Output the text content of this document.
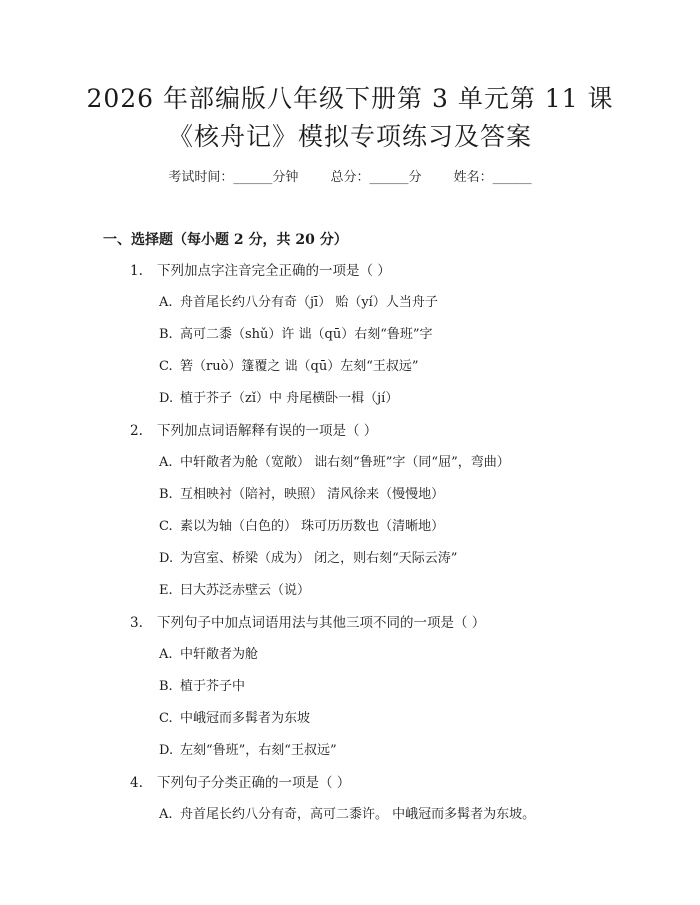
2026 年部编版八年级下册第 3 单元第 11 课
《核舟记》模拟专项练习及答案
考试时间：______分钟 总分：______分 姓名：______
一、选择题（每小题 2 分，共 20 分）
1. 下列加点字注音完全正确的一项是（ ）
A. 舟首尾长约八分有奇（jī） 贻（yí）人当舟子
B. 高可二黍（shǔ）许 诎（qū）右刻“鲁班”字
C. 箬（ruò）篷覆之 诎（qū）左刻“王叔远”
D. 植于芥子（zǐ）中 舟尾横卧一楫（jí）
2. 下列加点词语解释有误的一项是（ ）
A. 中轩敞者为舱（宽敞） 诎右刻“鲁班”字（同“屈”，弯曲）
B. 互相映衬（陪衬，映照） 清风徐来（慢慢地）
C. 素以为轴（白色的） 珠可历历数也（清晰地）
D. 为宫室、桥梁（成为） 闭之，则右刻“天际云涛”
E. 曰大苏泛赤壁云（说）
3. 下列句子中加点词语用法与其他三项不同的一项是（ ）
A. 中轩敞者为舱
B. 植于芥子中
C. 中峨冠而多髯者为东坡
D. 左刻“鲁班”，右刻“王叔远”
4. 下列句子分类正确的一项是（ ）
A. 舟首尾长约八分有奇，高可二黍许。 中峨冠而多髯者为东坡。
